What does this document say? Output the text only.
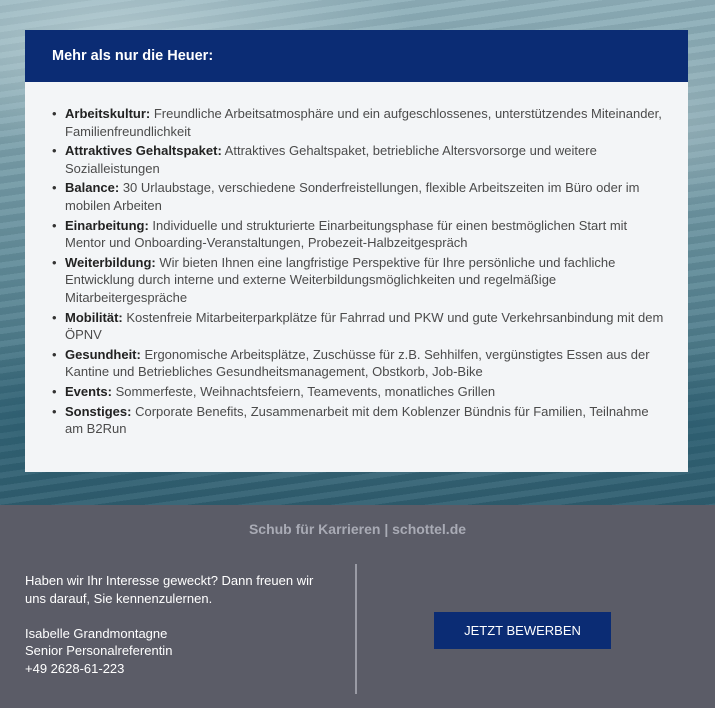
Mehr als nur die Heuer:
• Arbeitskultur: Freundliche Arbeitsatmosphäre und ein aufgeschlossenes, unterstützendes Miteinander, Familienfreundlichkeit
• Attraktives Gehaltspaket: Attraktives Gehaltspaket, betriebliche Altersvorsorge und weitere Sozialleistungen
• Balance: 30 Urlaubstage, verschiedene Sonderfreistellungen, flexible Arbeitszeiten im Büro oder im mobilen Arbeiten
• Einarbeitung: Individuelle und strukturierte Einarbeitungsphase für einen bestmöglichen Start mit Mentor und Onboarding-Veranstaltungen, Probezeit-Halbzeitgespräch
• Weiterbildung: Wir bieten Ihnen eine langfristige Perspektive für Ihre persönliche und fachliche Entwicklung durch interne und externe Weiterbildungsmöglichkeiten und regelmäßige Mitarbeitergespräche
• Mobilität: Kostenfreie Mitarbeiterparkplätze für Fahrrad und PKW und gute Verkehrsanbindung mit dem ÖPNV
• Gesundheit: Ergonomische Arbeitsplätze, Zuschüsse für z.B. Sehhilfen, vergünstigtes Essen aus der Kantine und Betriebliches Gesundheitsmanagement, Obstkorb, Job-Bike
• Events: Sommerfeste, Weihnachtsfeiern, Teamevents, monatliches Grillen
• Sonstiges: Corporate Benefits, Zusammenarbeit mit dem Koblenzer Bündnis für Familien, Teilnahme am B2Run
Schub für Karrieren | schottel.de

Haben wir Ihr Interesse geweckt? Dann freuen wir uns darauf, Sie kennenzulernen.

Isabelle Grandmontagne

Senior Personalreferentin

+49 2628-61-223

JETZT BEWERBEN
